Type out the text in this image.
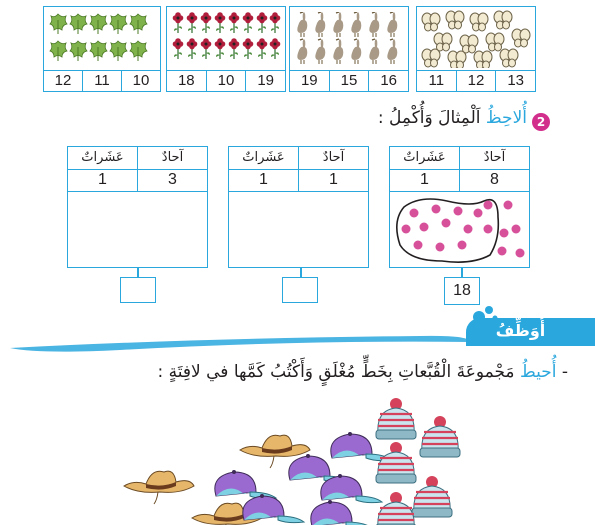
13
12
11
16
15
19
19
10
18
10
11
12
2
أُلاحِظُ اَلْمِثالَ وَأُكْمِلُ :
آحادٌ
عَشَراتٌ
8
1
18
آحادٌ
عَشَراتٌ
1
1
آحادٌ
عَشَراتٌ
3
1
أُوَظِّفُ
- أُحيطُ مَجْموعَةَ الْقُبَّعاتِ بِخَطٍّ مُغْلَقٍ وَأَكْتُبُ كَمَّها في لافِتَةٍ :
